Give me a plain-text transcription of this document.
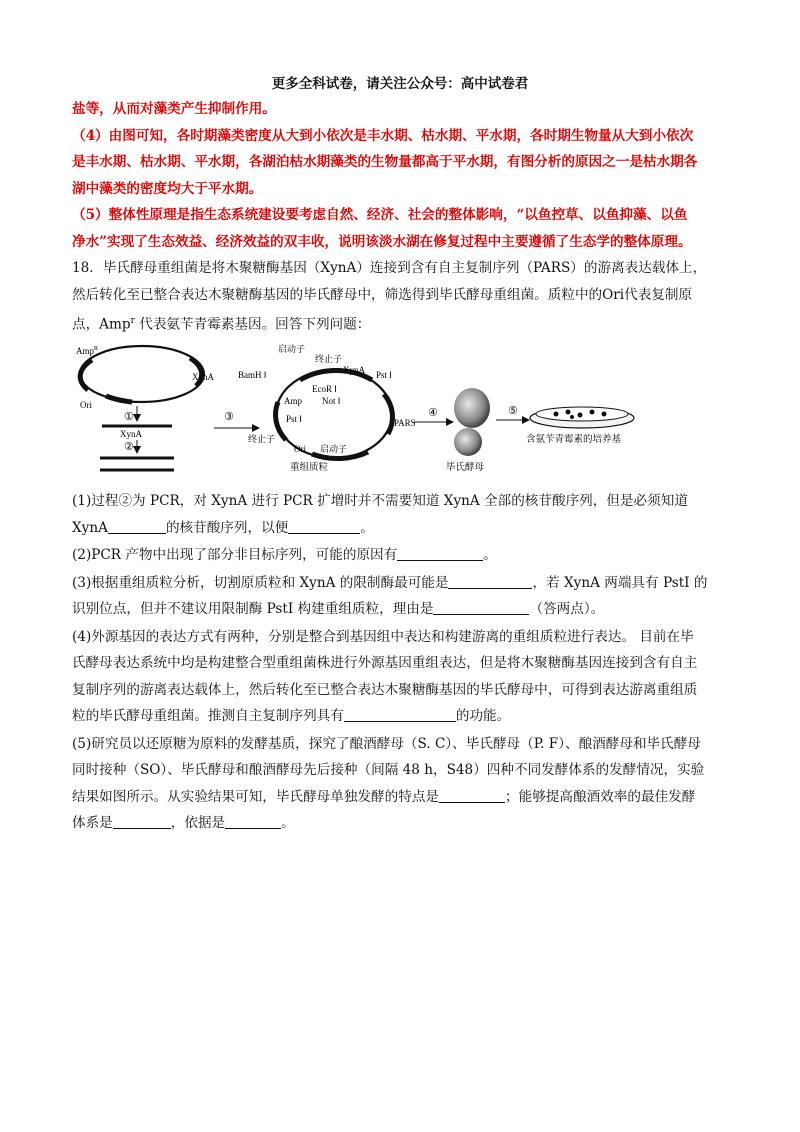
更多全科试卷，请关注公众号：高中试卷君

盐等，从而对藻类产生抑制作用。

（4）由图可知，各时期藻类密度从大到小依次是丰水期、枯水期、平水期，各时期生物量从大到小依次

是丰水期、枯水期、平水期，各湖泊枯水期藻类的生物量都高于平水期，有图分析的原因之一是枯水期各

湖中藻类的密度均大于平水期。

（5）整体性原理是指生态系统建设要考虑自然、经济、社会的整体影响，“以鱼控草、以鱼抑藻、以鱼

净水”实现了生态效益、经济效益的双丰收，说明该淡水湖在修复过程中主要遵循了生态学的整体原理。

18．毕氏酵母重组菌是将木聚糖酶基因（XynA）连接到含有自主复制序列（PARS）的游离表达载体上，

然后转化至已整合表达木聚糖酶基因的毕氏酵母中，筛选得到毕氏酵母重组菌。质粒中的Ori代表复制原

点，Amp$^r$ 代表氨苄青霉素基因。回答下列问题：

Amp$^R$
XynA
Ori
①
XynA
②
③
启动子
终止子
BamH Ⅰ	XynA Pst Ⅰ
EcoR Ⅰ
Not Ⅰ
Amp
Pst Ⅰ	PARS
终止子
Ori 启动子
重组质粒
④
毕氏酵母
⑤
含氨苄青霉素的培养基

(1)过程②为 PCR，对 XynA 进行 PCR 扩增时并不需要知道 XynA 全部的核苷酸序列，但是必须知道

XynA	的核苷酸序列，以便	。

(2)PCR 产物中出现了部分非目标序列，可能的原因有	。

(3)根据重组质粒分析，切割原质粒和 XynA 的限制酶最可能是	，若 XynA 两端具有 PstI 的

识别位点，但并不建议用限制酶 PstI 构建重组质粒，理由是	（答两点）。

(4)外源基因的表达方式有两种，分别是整合到基因组中表达和构建游离的重组质粒进行表达。 目前在毕

氏酵母表达系统中均是构建整合型重组菌株进行外源基因重组表达，但是将木聚糖酶基因连接到含有自主

复制序列的游离表达载体上，然后转化至已整合表达木聚糖酶基因的毕氏酵母中，可得到表达游离重组质

粒的毕氏酵母重组菌。推测自主复制序列具有	的功能。

(5)研究员以还原糖为原料的发酵基质，探究了酿酒酵母（S. C）、毕氏酵母（P. F）、酿酒酵母和毕氏酵母

同时接种（SO）、毕氏酵母和酿酒酵母先后接种（间隔 48 h，S48）四种不同发酵体系的发酵情况，实验

结果如图所示。从实验结果可知，毕氏酵母单独发酵的特点是	；能够提高酿酒效率的最佳发酵

体系是	，依据是	。
